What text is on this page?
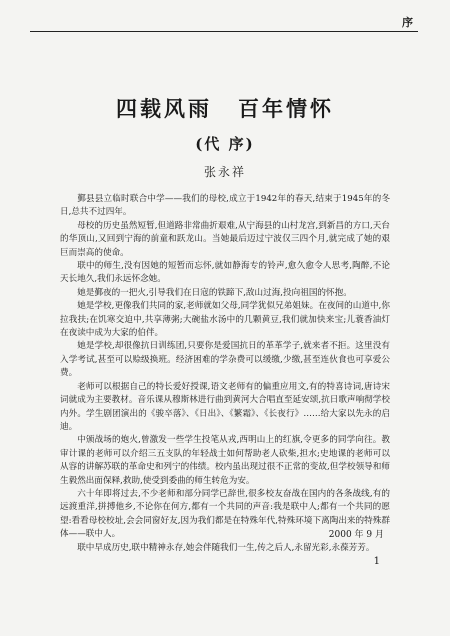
序
四载风雨 百年情怀
(代 序)
张永祥

鄞县县立临时联合中学——我们的母校,成立于1942年的春天,结束于1945年的冬日,总共不过四年。

母校的历史虽然短暂,但道路非常曲折艰难,从宁海县的山村龙宫,到新昌的方口,天台的华顶山,又回到宁海的前童和跃龙山。当她最后迈过宁波仅三四个月,就完成了她的艰巨而崇高的使命。

联中的师生,没有因她的短暂而忘怀,就如静海专的铃声,愈久愈令人思考,陶醉,不论天长地久,我们永远怀念她。

她是鄞夜的一把火,引导我们在日寇的铁蹄下,敌山过海,投向祖国的怀抱。

她是学校,更像我们共同的家,老师就如父母,同学犹似兄弟姐妹。在夜间的山道中,你拉我扶;在饥寒交迫中,共享薄粥;大碗盐水汤中的几颗黄豆,我们就加快来宝;儿蓑香油灯在夜读中成为大家的伯伴。

她是学校,却很像抗日训练团,只要你是爱国抗日的革革学子,就来者不拒。这里没有入学考试,甚至可以赊级换班。经济困难的学杂费可以缓缴,少缴,甚至连伙食也可享爱公费。

老师可以根据自己的特长爱好授课,语文老师有的偏重应用文,有的特喜诗词,唐诗宋词就成为主要教材。音乐课从穆斯林进行曲到黄河大合唱直至延安颂,抗日歌声响彻学校内外。学生剧团演出的《骏卒落》、《日出》、《繁霜》、《长夜行》……给大家以先永的启迪。

中颁战场的炮火,曾激发一些学生投笔从戎,西明山上的红旗,令更多的同学向往。教审计课的老师可以介绍三五支队的年轻战士如何帮助老人砍柴,担水;史地课的老师可以从容的讲解苏联的革命史和列宁的伟绩。校内虽出现过很不正常的变故,但学校领导和师生毅然出面保释,救助,使受到委曲的师生转危为安。

六十年即将过去,不少老师和部分同学已辞世,很多校友奋战在国内的各条战线,有的远渡重洋,拼搏他乡,不论你在何方,都有一个共同的声音:我是联中人;都有一个共同的愿望:看看母校校址,会会同窗好友,因为我们都是在特殊年代,特殊环境下离陶出来的特殊群体——联中人。

联中早成历史,联中精神永存,她会伴随我们一生,传之后人,永留光彩,永葆芳芳。

2000 年 9 月
1
